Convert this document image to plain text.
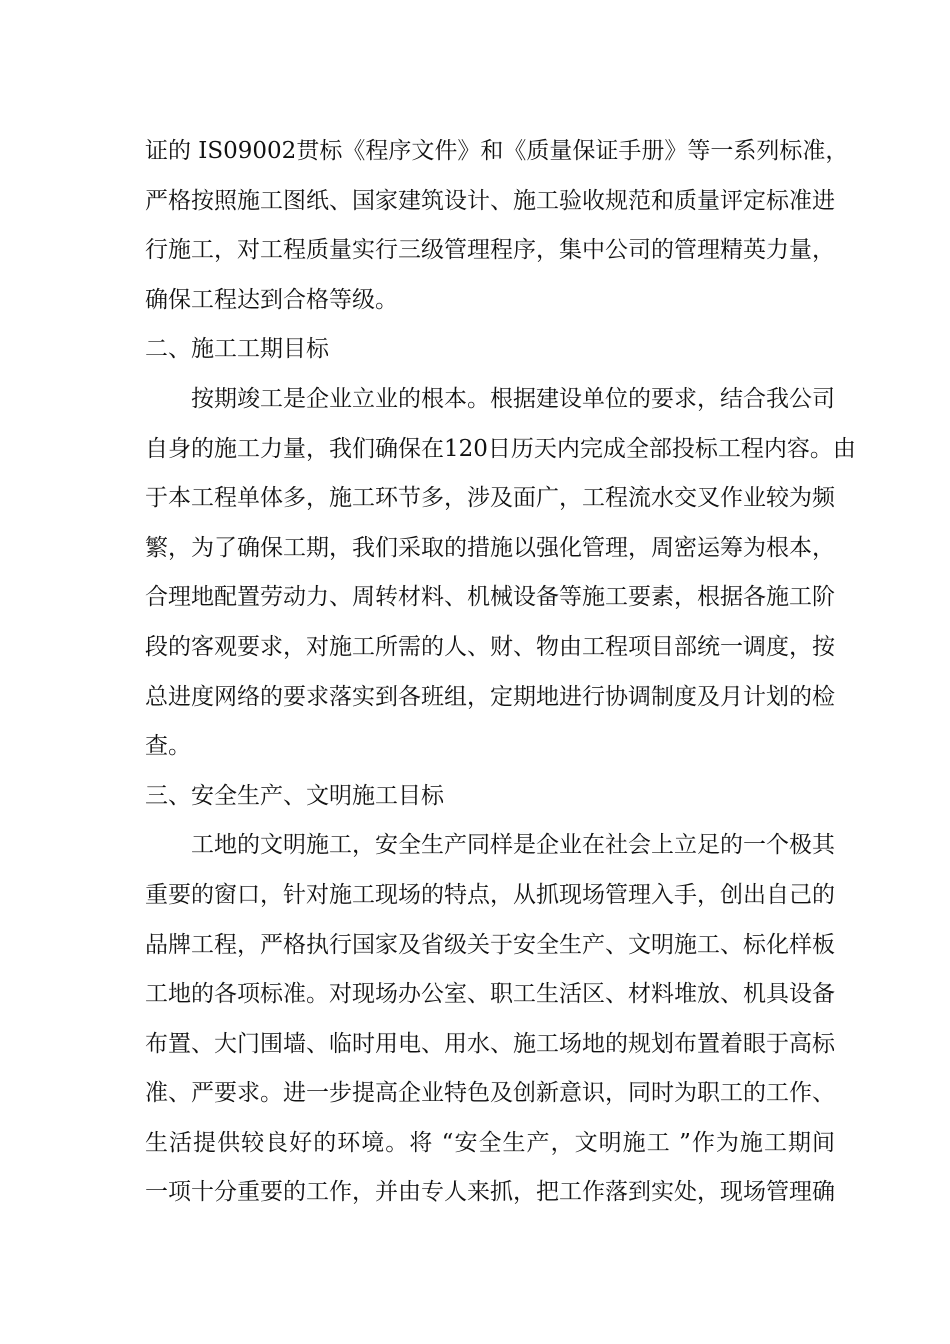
证的 IS09002贯标《程序文件》和《质量保证手册》等一系列标准，
严格按照施工图纸、国家建筑设计、施工验收规范和质量评定标准进
行施工，对工程质量实行三级管理程序，集中公司的管理精英力量，
确保工程达到合格等级。
二、施工工期目标
按期竣工是企业立业的根本。根据建设单位的要求，结合我公司
自身的施工力量，我们确保在120日历天内完成全部投标工程内容。由
于本工程单体多，施工环节多，涉及面广，工程流水交叉作业较为频
繁，为了确保工期，我们采取的措施以强化管理，周密运筹为根本，
合理地配置劳动力、周转材料、机械设备等施工要素，根据各施工阶
段的客观要求，对施工所需的人、财、物由工程项目部统一调度，按
总进度网络的要求落实到各班组，定期地进行协调制度及月计划的检
查。
三、安全生产、文明施工目标
工地的文明施工，安全生产同样是企业在社会上立足的一个极其
重要的窗口，针对施工现场的特点，从抓现场管理入手，创出自己的
品牌工程，严格执行国家及省级关于安全生产、文明施工、标化样板
工地的各项标准。对现场办公室、职工生活区、材料堆放、机具设备
布置、大门围墙、临时用电、用水、施工场地的规划布置着眼于高标
准、严要求。进一步提高企业特色及创新意识，同时为职工的工作、
生活提供较良好的环境。将 “安全生产，文明施工 ”作为施工期间
一项十分重要的工作，并由专人来抓，把工作落到实处，现场管理确
